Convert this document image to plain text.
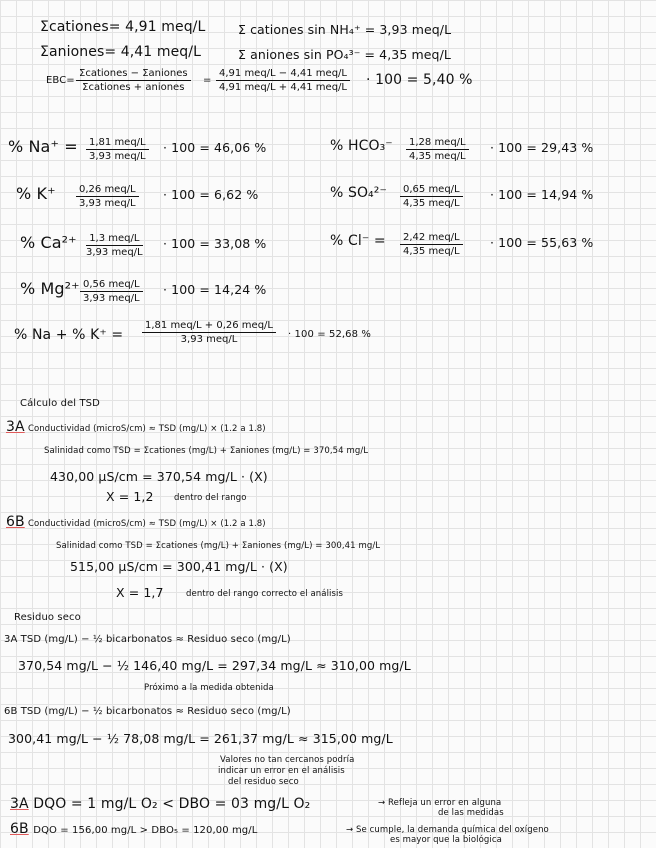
Σcationes= 4,91 meq/L
Σaniones= 4,41 meq/L
Σ cationes sin NH₄⁺ = 3,93 meq/L
Σ aniones sin PO₄³⁻ = 4,35 meq/L
EBC=
Σcationes − Σaniones
Σcationes + aniones
=
4,91 meq/L − 4,41 meq/L
4,91 meq/L + 4,41 meq/L · 100 = 5,40 %
% Na⁺ =	1,81 meq/L
3,93 meq/L
· 100 = 46,06 %
% K⁺	0,26 meq/L
3,93 meq/L
· 100 = 6,62 %
% Ca²⁺	1,3 meq/L
3,93 meq/L
· 100 = 33,08 %
% Mg²⁺ 0,56 meq/L
3,93 meq/L
· 100 = 14,24 %
% HCO₃⁻	1,28 meq/L
4,35 meq/L
· 100 = 29,43 %
% SO₄²⁻	0,65 meq/L
4,35 meq/L
· 100 = 14,94 %
% Cl⁻ =	2,42 meq/L
4,35 meq/L
· 100 = 55,63 %
% Na + % K⁺ =
1,81 meq/L + 0,26 meq/L
3,93 meq/L	· 100 = 52,68 %
Cálculo del TSD
3A Conductividad (microS/cm) ≈ TSD (mg/L) × (1.2 a 1.8)
Salinidad como TSD = Σcationes (mg/L) + Σaniones (mg/L) = 370,54 mg/L
430,00 µS/cm = 370,54 mg/L · (X)
X = 1,2 dentro del rango
6B Conductividad (microS/cm) ≈ TSD (mg/L) × (1.2 a 1.8)
Salinidad como TSD = Σcationes (mg/L) + Σaniones (mg/L) = 300,41 mg/L
515,00 µS/cm = 300,41 mg/L · (X)
X = 1,7	dentro del rango correcto el análisis
Residuo seco
3A TSD (mg/L) − ½ bicarbonatos ≈ Residuo seco (mg/L)
370,54 mg/L − ½ 146,40 mg/L = 297,34 mg/L ≈ 310,00 mg/L
Próximo a la medida obtenida
6B TSD (mg/L) − ½ bicarbonatos ≈ Residuo seco (mg/L)
300,41 mg/L − ½ 78,08 mg/L = 261,37 mg/L ≈ 315,00 mg/L
Valores no tan cercanos podría
indicar un error en el análisis
del residuo seco
3A DQO = 1 mg/L O₂ < DBO = 03 mg/L O₂	→ Refleja un error en alguna
de las medidas
6B DQO = 156,00 mg/L > DBO₅ = 120,00 mg/L	→ Se cumple, la demanda química del oxígeno
es mayor que la biológica
